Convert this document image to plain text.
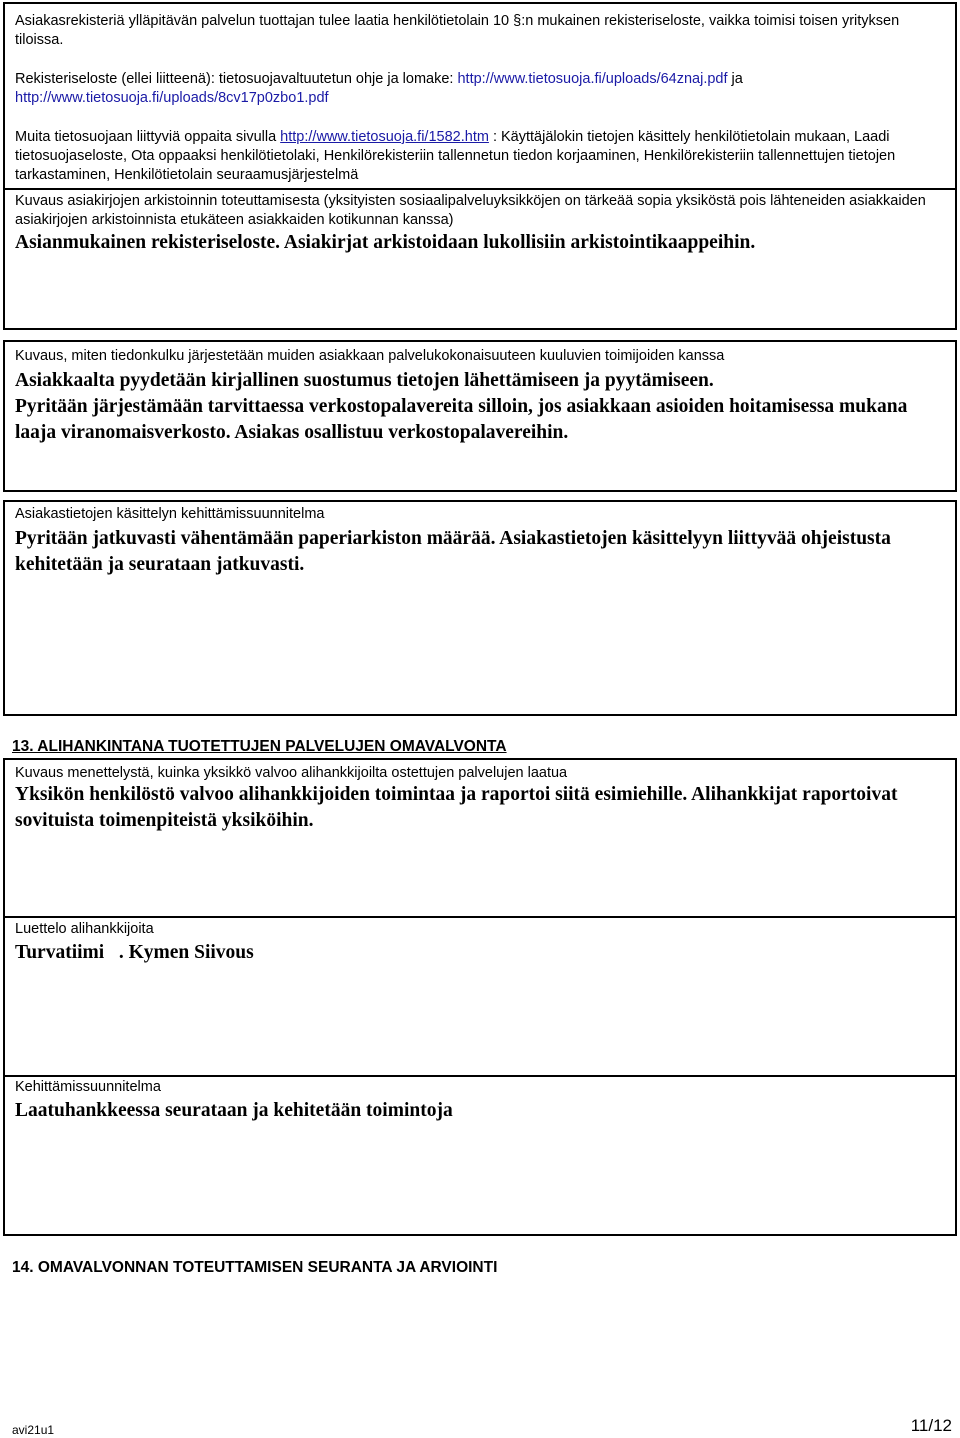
Asiakasrekisteriä ylläpitävän palvelun tuottajan tulee laatia henkilötietolain 10 §:n mukainen rekisteriseloste, vaikka toimisi toisen yrityksen tiloissa.

Rekisteriseloste (ellei liitteenä): tietosuojavaltuutetun ohje ja lomake: http://www.tietosuoja.fi/uploads/64znaj.pdf ja http://www.tietosuoja.fi/uploads/8cv17p0zbo1.pdf

Muita tietosuojaan liittyviä oppaita sivulla http://www.tietosuoja.fi/1582.htm : Käyttäjälokin tietojen käsittely henkilötietolain mukaan, Laadi tietosuojaseloste, Ota oppaaksi henkilötietolaki, Henkilörekisteriin tallennetun tiedon korjaaminen, Henkilörekisteriin tallennettujen tietojen tarkastaminen, Henkilötietolain seuraamusjärjestelmä

Kuvaus asiakirjojen arkistoinnin toteuttamisesta (yksityisten sosiaalipalveluyksikköjen on tärkeää sopia yksiköstä pois lähteneiden asiakkaiden asiakirjojen arkistoinnista etukäteen asiakkaiden kotikunnan kanssa)

Asianmukainen rekisteriseloste. Asiakirjat arkistoidaan lukollisiin arkistointikaappeihin.

Kuvaus, miten tiedonkulku järjestetään muiden asiakkaan palvelukokonaisuuteen kuuluvien toimijoiden kanssa

Asiakkaalta pyydetään kirjallinen suostumus tietojen lähettämiseen ja pyytämiseen.

Pyritään järjestämään tarvittaessa verkostopalavereita silloin, jos asiakkaan asioiden hoitamisessa mukana laaja viranomaisverkosto. Asiakas osallistuu verkostopalavereihin.

Asiakastietojen käsittelyn kehittämissuunnitelma

Pyritään jatkuvasti vähentämään paperiarkiston määrää. Asiakastietojen käsittelyyn liittyvää ohjeistusta kehitetään ja seurataan jatkuvasti.

13. ALIHANKINTANA TUOTETTUJEN PALVELUJEN OMAVALVONTA

Kuvaus menettelystä, kuinka yksikkö valvoo alihankkijoilta ostettujen palvelujen laatua

Yksikön henkilöstö valvoo alihankkijoiden toimintaa ja raportoi siitä esimiehille. Alihankkijat raportoivat sovituista toimenpiteistä yksiköihin.

Luettelo alihankkijoita

Turvatiimi   . Kymen Siivous

Kehittämissuunnitelma

Laatuhankkeessa seurataan ja kehitetään toimintoja

14. OMAVALVONNAN TOTEUTTAMISEN SEURANTA JA ARVIOINTI
avi21u1	11/12
